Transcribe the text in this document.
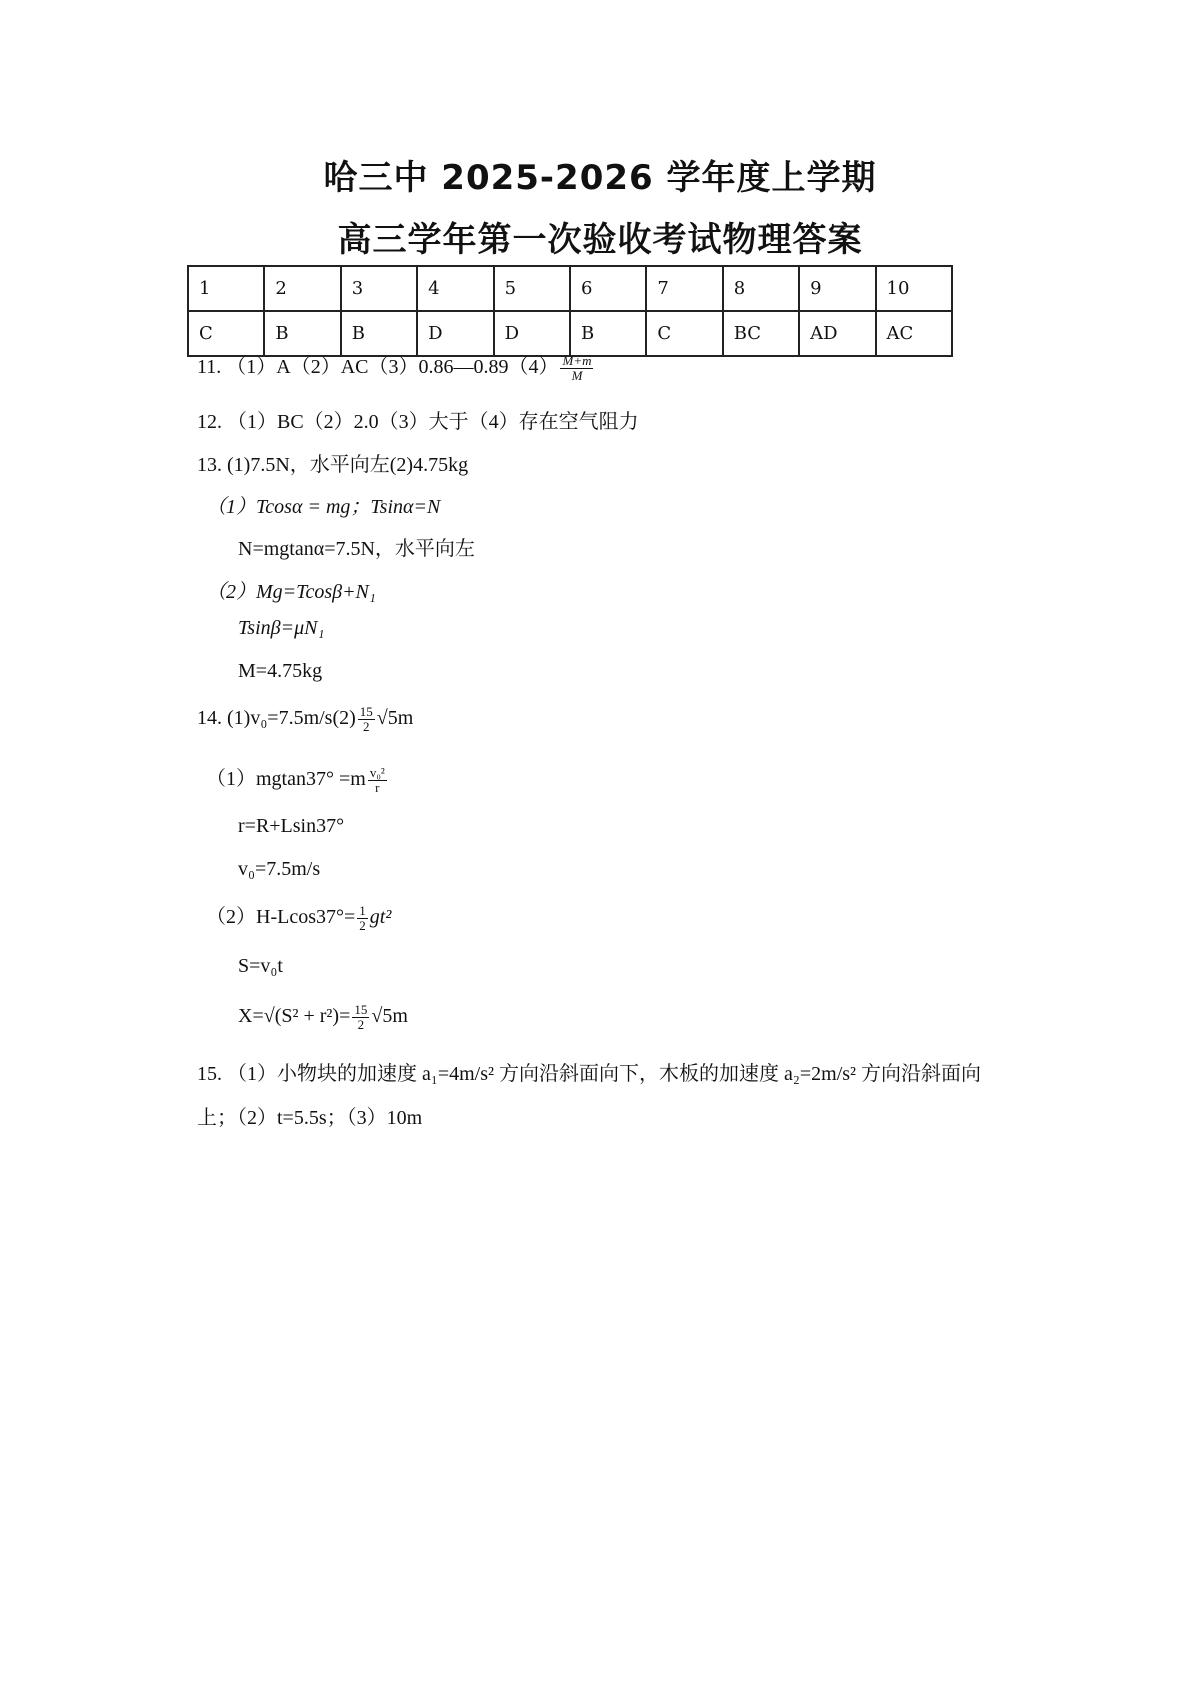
哈三中 2025-2026 学年度上学期
高三学年第一次验收考试物理答案
1	2	3	4	5	6	7	8	9	10
C	B	B	D	D	B	C	BC	AD	AC
11. （1）A（2）AC（3）0.86—0.89（4） $\frac{M+m}{M}$
12. （1）BC（2）2.0（3）大于（4）存在空气阻力
13. (1)7.5N，水平向左(2)4.75kg
（1）Tcosα = mg；Tsinα=N
N=mgtanα=7.5N，水平向左
（2）Mg=Tcosβ+N₁
Tsinβ=μN₁
M=4.75kg
14. $(1)v_0=7.5m/s(2) \frac{15}{2} √5m$
$(1)mgtan37^\circ =m \frac{\text{v₀²}}{r}$
r=R+Lsin37°
v₀=7.5m/s
$(2)H-Lcos37^\circ= \frac{1}{2} gt^2$
S=v₀t
$X=√(S^2 + r^2)= \frac{15}{2} √5m$
15. （1）小物块的加速度 a₁=4m/s² 方向沿斜面向下，木板的加速度 a₂=2m/s² 方向沿斜面向
上；（2）t=5.5s；（3）10m
